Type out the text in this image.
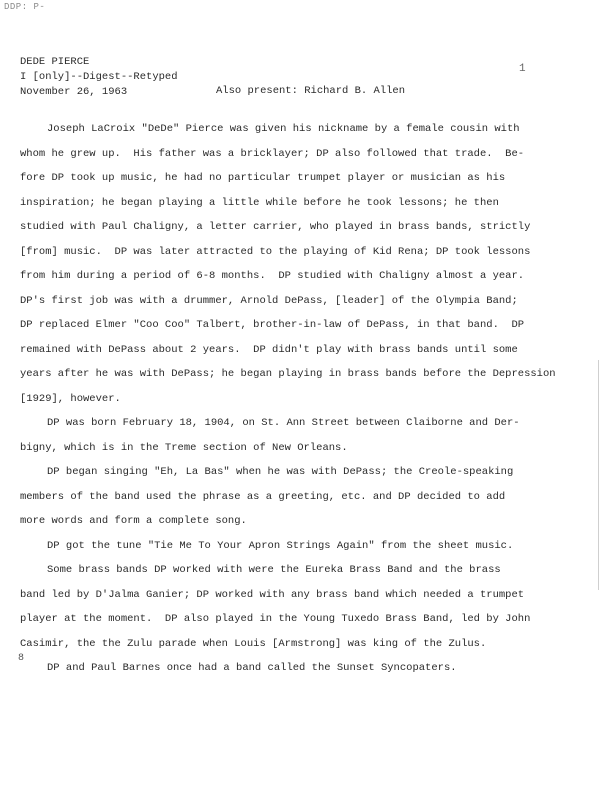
DDP: P-
1
DEDE PIERCE
I [only]--Digest--Retyped
November 26, 1963	Also present: Richard B. Allen
Joseph LaCroix "DeDe" Pierce was given his nickname by a female cousin with
whom he grew up.  His father was a bricklayer; DP also followed that trade.  Be-
fore DP took up music, he had no particular trumpet player or musician as his
inspiration; he began playing a little while before he took lessons; he then
studied with Paul Chaligny, a letter carrier, who played in brass bands, strictly
[from] music.  DP was later attracted to the playing of Kid Rena; DP took lessons
from him during a period of 6-8 months.  DP studied with Chaligny almost a year.
DP's first job was with a drummer, Arnold DePass, [leader] of the Olympia Band;
DP replaced Elmer "Coo Coo" Talbert, brother-in-law of DePass, in that band.  DP
remained with DePass about 2 years.  DP didn't play with brass bands until some
years after he was with DePass; he began playing in brass bands before the Depression
[1929], however.
DP was born February 18, 1904, on St. Ann Street between Claiborne and Der-
bigny, which is in the Treme section of New Orleans.
DP began singing "Eh, La Bas" when he was with DePass; the Creole-speaking
members of the band used the phrase as a greeting, etc. and DP decided to add
more words and form a complete song.
DP got the tune "Tie Me To Your Apron Strings Again" from the sheet music.
Some brass bands DP worked with were the Eureka Brass Band and the brass
band led by D'Jalma Ganier; DP worked with any brass band which needed a trumpet
player at the moment.  DP also played in the Young Tuxedo Brass Band, led by John
Casimir, the the Zulu parade when Louis [Armstrong] was king of the Zulus.
DP and Paul Barnes once had a band called the Sunset Syncopaters.
8
